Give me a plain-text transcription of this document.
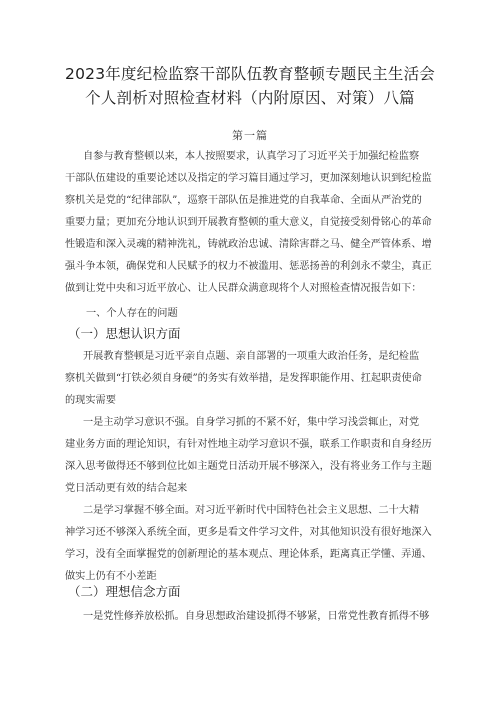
2023年度纪检监察干部队伍教育整顿专题民主生活会
个人剖析对照检查材料（内附原因、对策）八篇
第一篇
自参与教育整顿以来，本人按照要求，认真学习了习近平关于加强纪检监察
干部队伍建设的重要论述以及指定的学习篇目通过学习，更加深刻地认识到纪检监
察机关是党的“纪律部队”，巡察干部队伍是推进党的自我革命、全面从严治党的
重要力量；更加充分地认识到开展教育整顿的重大意义，自觉接受刻骨铭心的革命
性锻造和深入灵魂的精神洗礼，铸就政治忠诚、清除害群之马、健全严管体系、增
强斗争本领，确保党和人民赋予的权力不被滥用、惩恶扬善的利剑永不蒙尘，真正
做到让党中央和习近平放心、让人民群众满意现将个人对照检查情况报告如下：
一、个人存在的问题
（一）思想认识方面
开展教育整顿是习近平亲自点题、亲自部署的一项重大政治任务，是纪检监
察机关做到“打铁必须自身硬”的务实有效举措，是发挥职能作用、扛起职责使命
的现实需要
一是主动学习意识不强。自身学习抓的不紧不好，集中学习浅尝辄止，对党
建业务方面的理论知识，有针对性地主动学习意识不强，联系工作职责和自身经历
深入思考做得还不够到位比如主题党日活动开展不够深入，没有将业务工作与主题
党日活动更有效的结合起来
二是学习掌握不够全面。对习近平新时代中国特色社会主义思想、二十大精
神学习还不够深入系统全面，更多是看文件学习文件，对其他知识没有很好地深入
学习，没有全面掌握党的创新理论的基本观点、理论体系，距离真正学懂、弄通、
做实上仍有不小差距
（二）理想信念方面
一是党性修养放松抓。自身思想政治建设抓得不够紧，日常党性教育抓得不够
